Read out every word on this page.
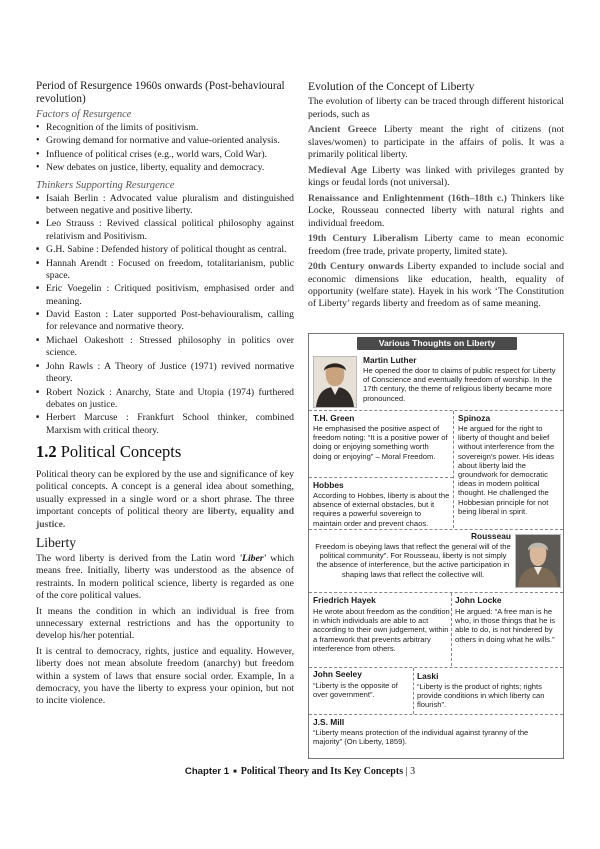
Period of Resurgence 1960s onwards (Post-behavioural revolution)
Factors of Resurgence
• Recognition of the limits of positivism.
• Growing demand for normative and value-oriented analysis.
• Influence of political crises (e.g., world wars, Cold War).
• New debates on justice, liberty, equality and democracy.
Thinkers Supporting Resurgence
■ Isaiah Berlin : Advocated value pluralism and distinguished between negative and positive liberty.
■ Leo Strauss : Revived classical political philosophy against relativism and Positivism.
■ G.H. Sabine : Defended history of political thought as central.
■ Hannah Arendt : Focused on freedom, totalitarianism, public space.
■ Eric Voegelin : Critiqued positivism, emphasised order and meaning.
■ David Easton : Later supported Post-behaviouralism, calling for relevance and normative theory.
■ Michael Oakeshott : Stressed philosophy in politics over science.
■ John Rawls : A Theory of Justice (1971) revived normative theory.
■ Robert Nozick : Anarchy, State and Utopia (1974) furthered debates on justice.
■ Herbert Marcuse : Frankfurt School thinker, combined Marxism with critical theory.
1.2 Political Concepts

Political theory can be explored by the use and significance of key political concepts. A concept is a general idea about something, usually expressed in a single word or a short phrase. The three important concepts of political theory are liberty, equality and justice.

Liberty

The word liberty is derived from the Latin word 'Liber' which means free. Initially, liberty was understood as the absence of restraints. In modern political science, liberty is regarded as one of the core political values.

It means the condition in which an individual is free from unnecessary external restrictions and has the opportunity to develop his/her potential.

It is central to democracy, rights, justice and equality. However, liberty does not mean absolute freedom (anarchy) but freedom within a system of laws that ensure social order. Example, In a democracy, you have the liberty to express your opinion, but not to incite violence.

Evolution of the Concept of Liberty

The evolution of liberty can be traced through different historical periods, such as

Ancient Greece Liberty meant the right of citizens (not slaves/women) to participate in the affairs of polis. It was a primarily political liberty.

Medieval Age Liberty was linked with privileges granted by kings or feudal lords (not universal).

Renaissance and Enlightenment (16th–18th c.) Thinkers like Locke, Rousseau connected liberty with natural rights and individual freedom.

19th Century Liberalism Liberty came to mean economic freedom (free trade, private property, limited state).

20th Century onwards Liberty expanded to include social and economic dimensions like education, health, equality of opportunity (welfare state). Hayek in his work ‘The Constitution of Liberty’ regards liberty and freedom as of same meaning.

Various Thoughts on Liberty
Martin Luther
He opened the door to claims of public respect for Liberty of Conscience and eventually freedom of worship. In the 17th century, the theme of religious liberty became more pronounced.
T.H. Green
He emphasised the positive aspect of freedom noting: “It is a positive power of doing or enjoying something worth doing or enjoying” – Moral Freedom.
Spinoza
He argued for the right to liberty of thought and belief without interference from the sovereign's power. His ideas about liberty laid the groundwork for democratic ideas in modern political thought. He challenged the Hobbesian principle for not being liberal in spirit.
Hobbes
According to Hobbes, liberty is about the absence of external obstacles, but it requires a powerful sovereign to maintain order and prevent chaos.
Rousseau
Freedom is obeying laws that reflect the general will of the political community”. For Rousseau, liberty is not simply the absence of interference, but the active participation in shaping laws that reflect the collective will.
Friedrich Hayek
He wrote about freedom as the condition in which individuals are able to act according to their own judgement, within a framework that prevents arbitrary interference from others.
John Locke
He argued: “A free man is he who, in those things that he is able to do, is not hindered by others in doing what he wills.”
John Seeley
“Liberty is the opposite of over government”.
Laski
“Liberty is the product of rights; rights provide conditions in which liberty can flourish”.
J.S. Mill
“Liberty means protection of the individual against tyranny of the majority” (On Liberty, 1859).
Chapter 1 ■ Political Theory and Its Key Concepts | 3
